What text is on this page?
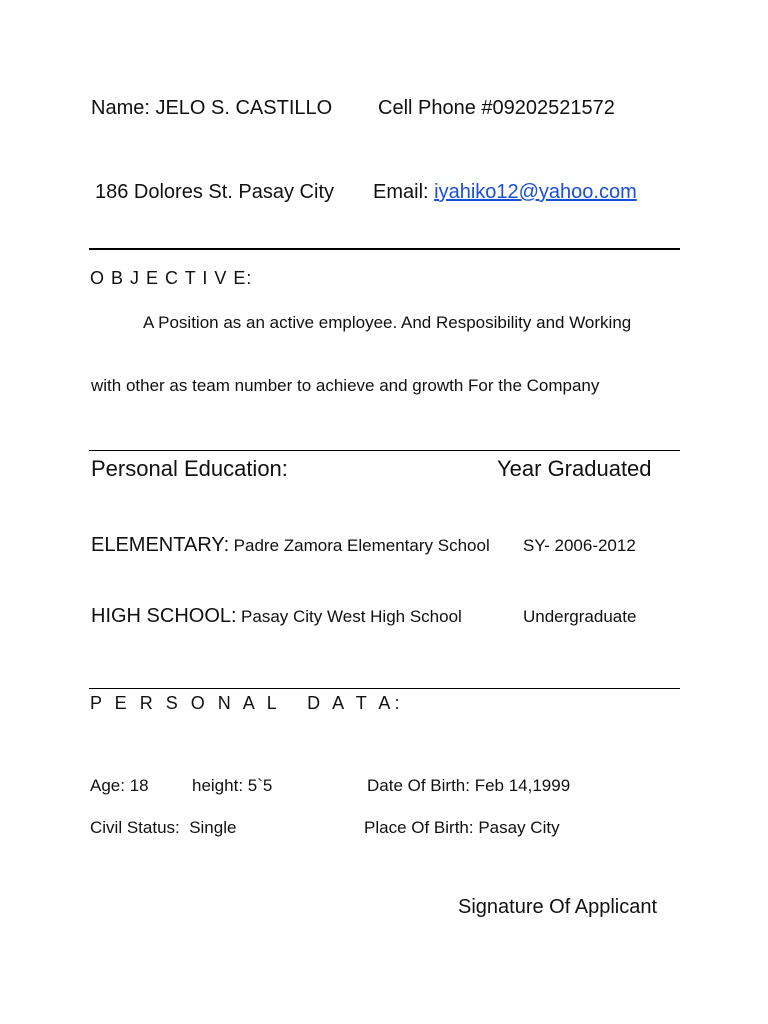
Name: JELO S. CASTILLO Cell Phone #09202521572
186 Dolores St. Pasay City Email: iyahiko12@yahoo.com
O B J E C T I V E:
A Position as an active employee. And Resposibility and Working
with other as team number to achieve and growth For the Company
Personal Education:	Year Graduated
ELEMENTARY: Padre Zamora Elementary School SY- 2006-2012
HIGH SCHOOL: Pasay City West High School	Undergraduate
P E R S O N A L   D A T A:
Age: 18	height: 5`5	Date Of Birth: Feb 14,1999
Civil Status:  Single	Place Of Birth: Pasay City
Signature Of Applicant
